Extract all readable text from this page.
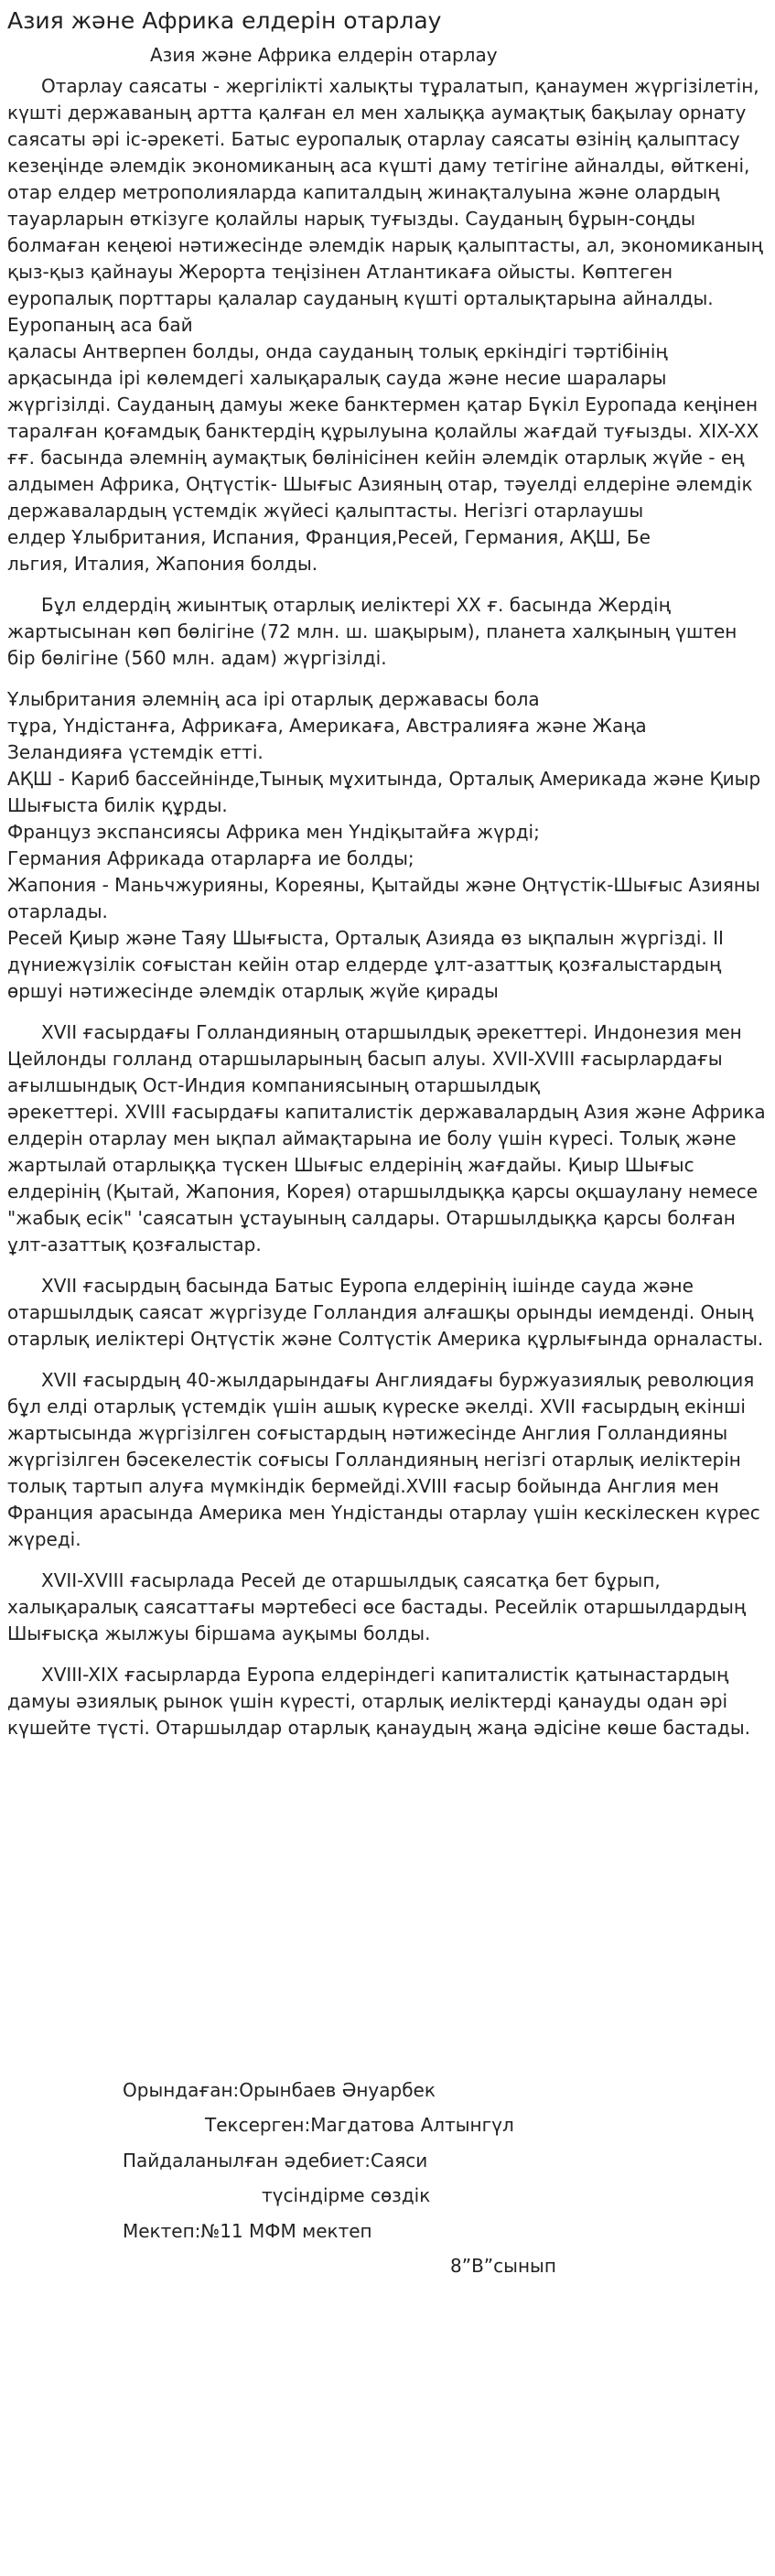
Азия және Африка елдерін отарлау
Азия және Африка елдерін отарлау

Отарлау саясаты - жергілікті халықты тұралатып, қанаумен жүргізілетін, күшті державаның артта қалған ел мен халыққа аумақтық бақылау орнату саясаты әрі іс-әрекеті. Батыс еуропалық отарлау саясаты өзінің қалыптасу кезеңінде әлемдік экономиканың аса күшті даму тетігіне айналды, өйткені, отар елдер метрополияларда капиталдың жинақталуына және олардың тауарларын өткізуге қолайлы нарық туғызды. Сауданың бұрын-соңды болмаған кеңеюі нәтижесінде әлемдік нарық қалыптасты, ал, экономиканың қыз-қыз қайнауы Жерорта теңізінен Атлантикаға ойысты. Көптеген еуропалық порттары қалалар сауданың күшті орталықтарына айналды. Еуропаның аса бай
қаласы Антверпен болды, онда сауданың толық еркіндігі тәртібінің арқасында ірі көлемдегі халықаралық сауда және несие шаралары жүргізілді. Сауданың дамуы жеке банктермен қатар Бүкіл Еуропада кеңінен таралған қоғамдық банктердің құрылуына қолайлы жағдай туғызды. XIX-XX ғғ. басында әлемнің аумақтық бөлінісінен кейін әлемдік отарлық жүйе - ең алдымен Африка, Оңтүстік- Шығыс Азияның отар, тәуелді елдеріне әлемдік державалардың үстемдік жүйесі қалыптасты. Негізгі отарлаушы
елдер Ұлыбритания, Испания, Франция,Ресей, Германия, АҚШ, Бе
льгия, Италия, Жапония болды.

Бұл елдердің жиынтық отарлық иеліктері XX ғ. басында Жердің жартысынан көп бөлігіне (72 млн. ш. шақырым), планета халқының үштен бір бөлігіне (560 млн. адам) жүргізілді.

Ұлыбритания әлемнің аса ірі отарлық державасы бола
тұра, Үндістанға, Африкаға, Америкаға, Австралияға және Жаңа
Зеландияға үстемдік етті.
АҚШ - Кариб бассейнінде,Тынық мұхитында, Орталық Америкада және Қиыр Шығыста билік құрды.
Француз экспансиясы Африка мен Үндіқытайға жүрді;
Германия Африкада отарларға ие болды;
Жапония - Маньчжурияны, Кореяны, Қытайды және Оңтүстік-Шығыс Азияны отарлады.
Ресей Қиыр және Таяу Шығыста, Орталық Азияда өз ықпалын жүргізді. II дүниежүзілік соғыстан кейін отар елдерде ұлт-азаттық қозғалыстардың өршуі нәтижесінде әлемдік отарлық жүйе қирады

XVII ғасырдағы Голландияның отаршылдық әрекеттері. Индонезия мен Цейлонды голланд отаршыларының басып алуы. XVII-XVIII ғасырлардағы ағылшындық Ост-Индия компаниясының отаршылдық
әрекеттері. XVIII ғасырдағы капиталистік державалардың Азия және Африка елдерін отарлау мен ықпал аймақтарына ие болу үшін күресі. Толық және жартылай отарлыққа түскен Шығыс елдерінің жағдайы. Қиыр Шығыс елдерінің (Қытай, Жапония, Корея) отаршылдыққа қарсы оқшаулану немесе "жабық есік" 'саясатын ұстауының салдары. Отаршылдыққа қарсы болған ұлт-азаттық қозғалыстар.

XVII ғасырдың басында Батыс Еуропа елдерінің ішінде сауда және отаршылдық саясат жүргізуде Голландия алғашқы орынды иемденді. Оның отарлық иеліктері Оңтүстік және Солтүстік Америка құрлығында орналасты.

XVII ғасырдың 40-жылдарындағы Англиядағы буржуазиялық революция бұл елді отарлық үстемдік үшін ашық күреске әкелді. XVII ғасырдың екінші жартысында жүргізілген соғыстардың нәтижесінде Англия Голландияны жүргізілген бәсекелестік соғысы Голландияның негізгі отарлық иеліктерін толық тартып алуға мүмкіндік бермейді.XVIII ғасыр бойында Англия мен Франция арасында Америка мен Үндістанды отарлау үшін кескілескен күрес жүреді.

XVII-XVIII ғасырлада Ресей де отаршылдық саясатқа бет бұрып, халықаралық саясаттағы мәртебесі өсе бастады. Ресейлік отаршылдардың Шығысқа жылжуы біршама ауқымы болды.

XVIII-XIX ғасырларда Еуропа елдеріндегі капиталистік қатынастардың дамуы әзиялық рынок үшін күресті, отарлық иеліктерді қанауды одан әрі күшейте түсті. Отаршылдар отарлық қанаудың жаңа әдісіне көше бастады.

Орындаған:Орынбаев Әнуарбек
Тексерген:Магдатова Алтынгүл
Пайдаланылған әдебиет:Саяси
түсіндірме сөздік
Мектеп:№11 МФМ мектеп
8”В”сынып
